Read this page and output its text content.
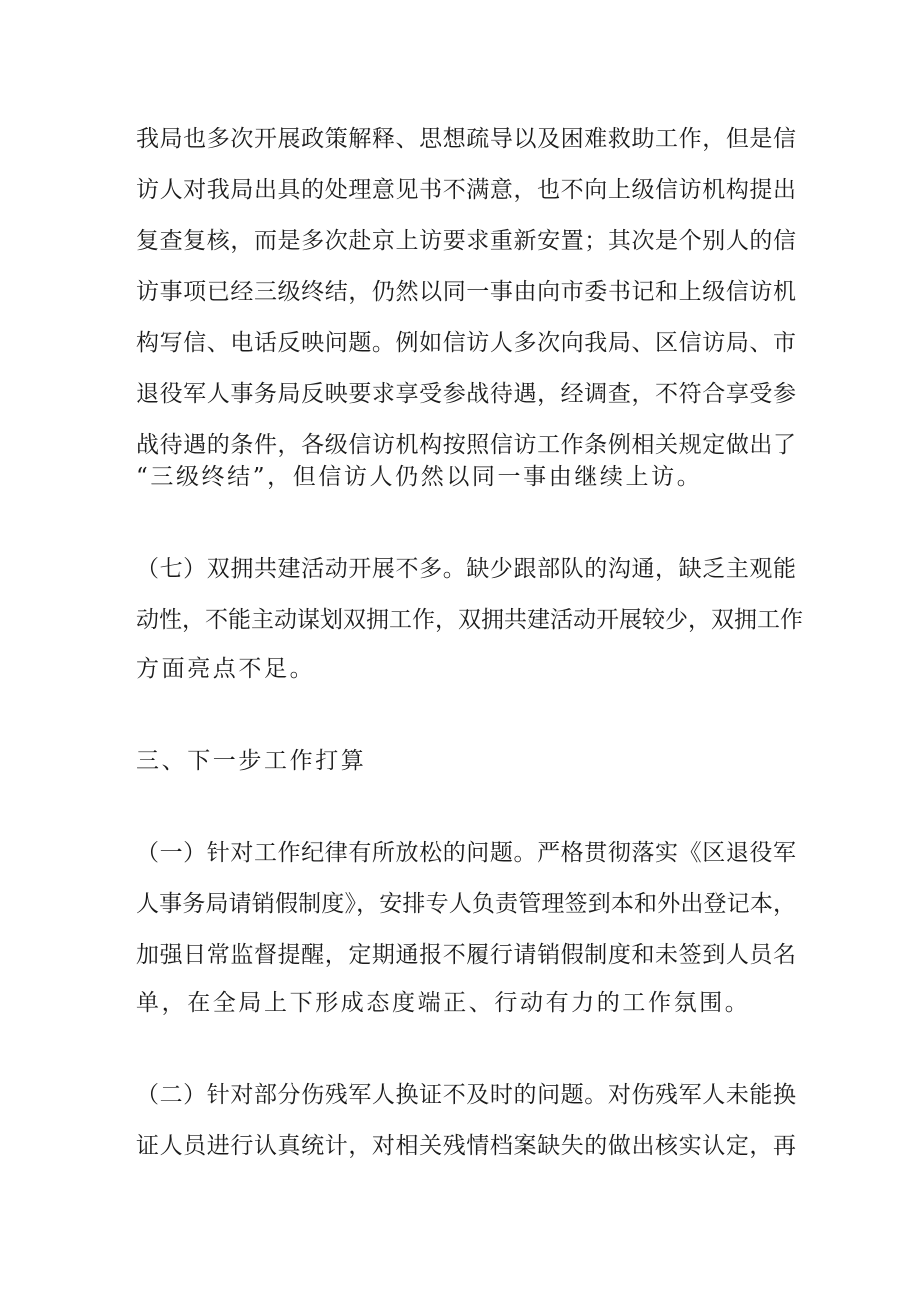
我局也多次开展政策解释、思想疏导以及困难救助工作，但是信
访人对我局出具的处理意见书不满意，也不向上级信访机构提出
复查复核，而是多次赴京上访要求重新安置；其次是个别人的信
访事项已经三级终结，仍然以同一事由向市委书记和上级信访机
构写信、电话反映问题。例如信访人多次向我局、区信访局、市
退役军人事务局反映要求享受参战待遇，经调查，不符合享受参
战待遇的条件，各级信访机构按照信访工作条例相关规定做出了
“三级终结”，但信访人仍然以同一事由继续上访。
（七）双拥共建活动开展不多。缺少跟部队的沟通，缺乏主观能
动性，不能主动谋划双拥工作，双拥共建活动开展较少，双拥工作
方面亮点不足。
三、下一步工作打算
（一）针对工作纪律有所放松的问题。严格贯彻落实《区退役军
人事务局请销假制度》，安排专人负责管理签到本和外出登记本，
加强日常监督提醒，定期通报不履行请销假制度和未签到人员名
单，在全局上下形成态度端正、行动有力的工作氛围。
（二）针对部分伤残军人换证不及时的问题。对伤残军人未能换
证人员进行认真统计，对相关残情档案缺失的做出核实认定，再
